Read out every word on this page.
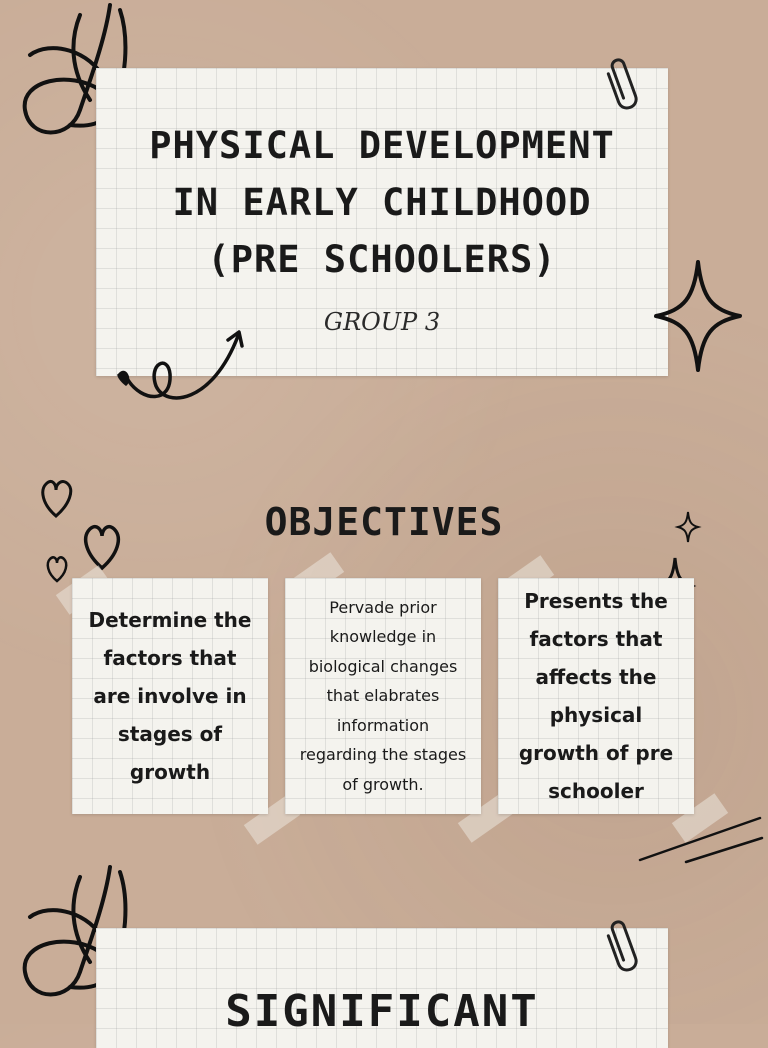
PHYSICAL DEVELOPMENT
IN EARLY CHILDHOOD
(PRE SCHOOLERS)
GROUP 3
OBJECTIVES
Determine the factors that are involve in stages of growth
Pervade prior knowledge in biological changes that elabrates information regarding the stages of growth.
Presents the factors that affects the physical growth of pre schooler
SIGNIFICANT
